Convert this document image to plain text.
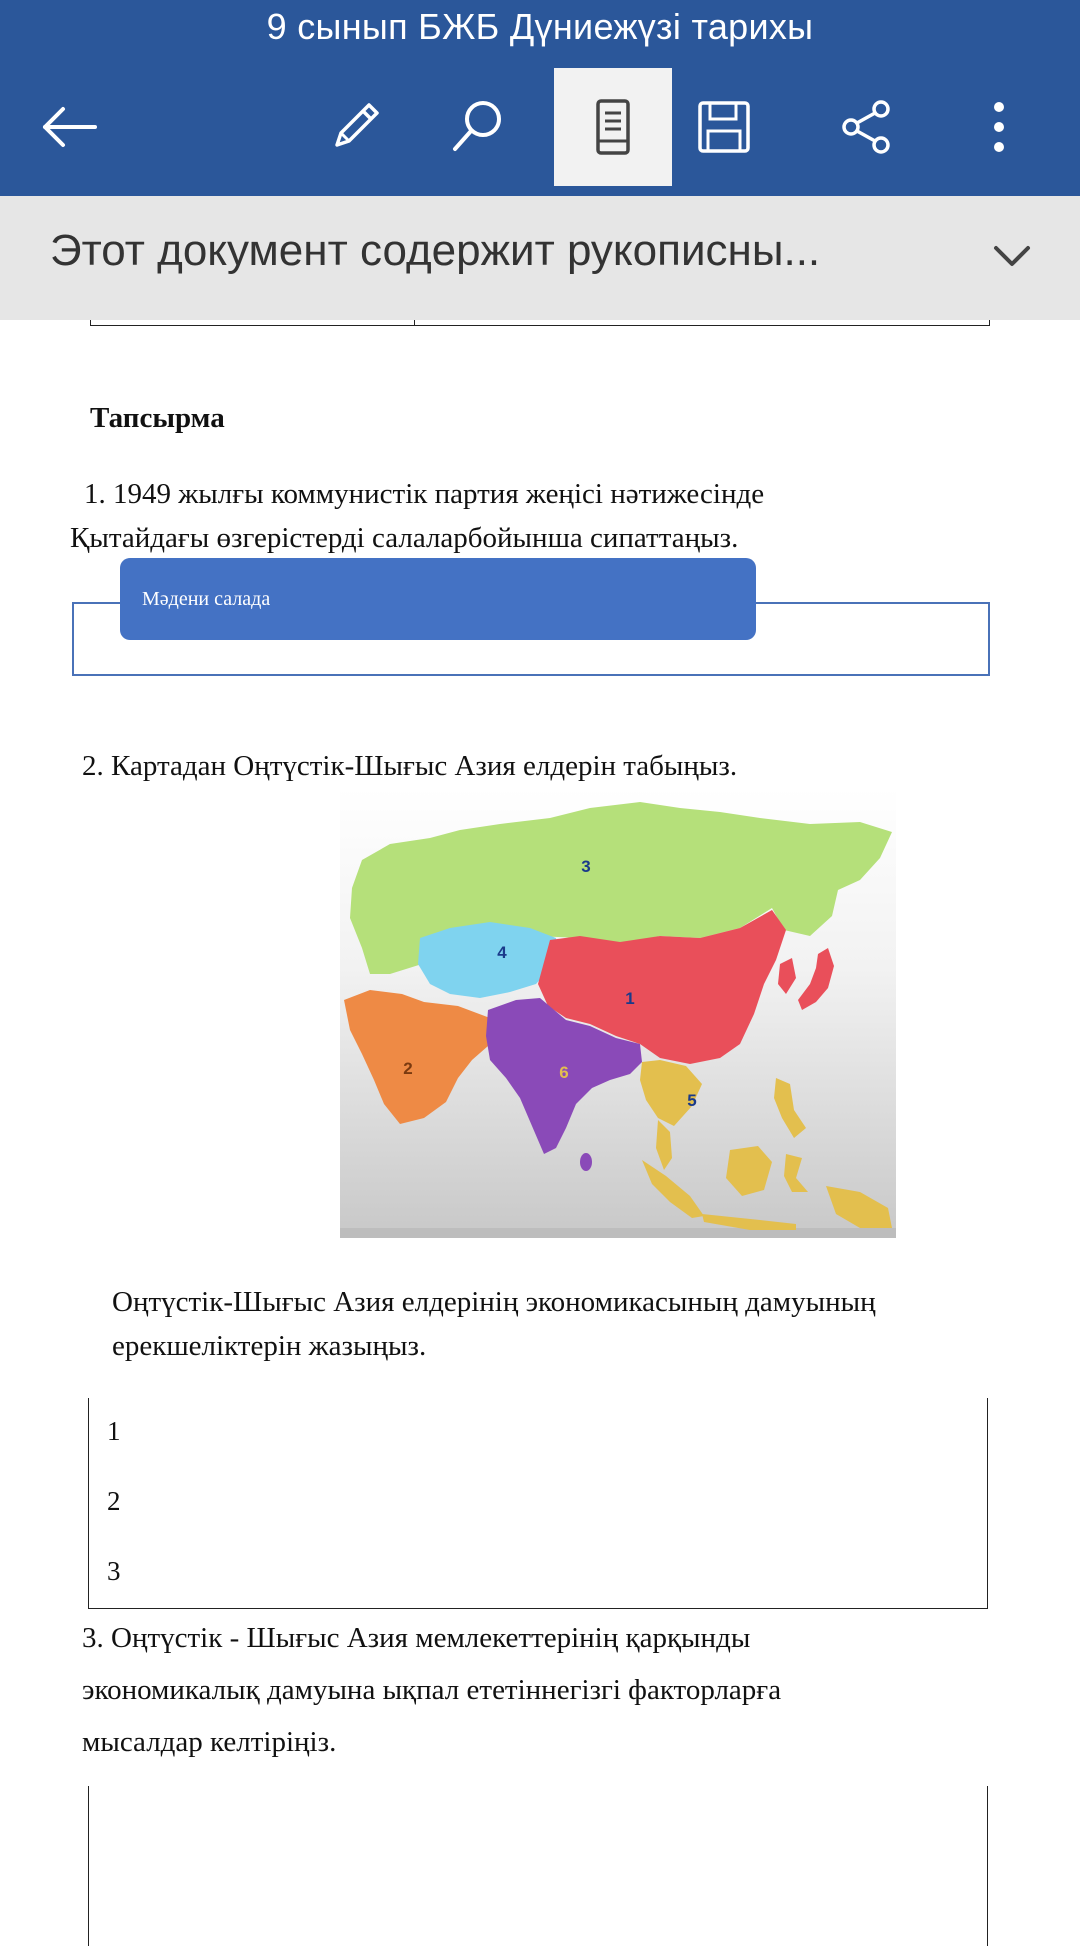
9 сынып БЖБ Дүниежүзі тарихы
Этот документ содержит рукописны...
Тапсырма
1. 1949 жылғы коммунистік партия жеңісі нәтижесінде
Қытайдағы өзгерістерді салаларбойынша сипаттаңыз.
Мәдени салада
2. Картадан Оңтүстік-Шығыс Азия елдерін табыңыз.
3
4
1
2	6
5
Оңтүстік-Шығыс Азия елдерінің экономикасының дамуының
ерекшеліктерін жазыңыз.
1
2
3
3. Оңтүстік - Шығыс Азия мемлекеттерінің қарқынды
экономикалық дамуына ықпал ететіннегізгі факторларға
мысалдар келтіріңіз.
